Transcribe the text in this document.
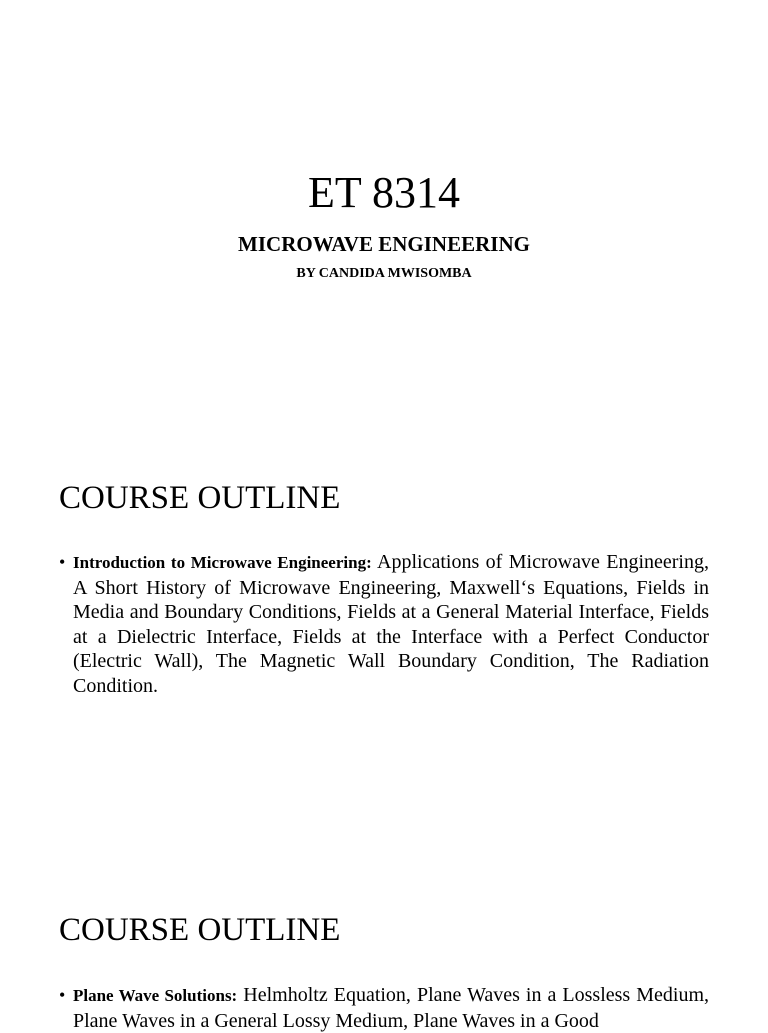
ET 8314
MICROWAVE ENGINEERING
BY CANDIDA MWISOMBA
COURSE OUTLINE
• Introduction to Microwave Engineering: Applications of Microwave Engineering, A Short History of Microwave Engineering, Maxwell‘s Equations, Fields in Media and Boundary Conditions, Fields at a General Material Interface, Fields at a Dielectric Interface, Fields at the Interface with a Perfect Conductor (Electric Wall), The Magnetic Wall Boundary Condition, The Radiation Condition.
COURSE OUTLINE
• Plane Wave Solutions: Helmholtz Equation, Plane Waves in a Lossless Medium, Plane Waves in a General Lossy Medium, Plane Waves in a Good
